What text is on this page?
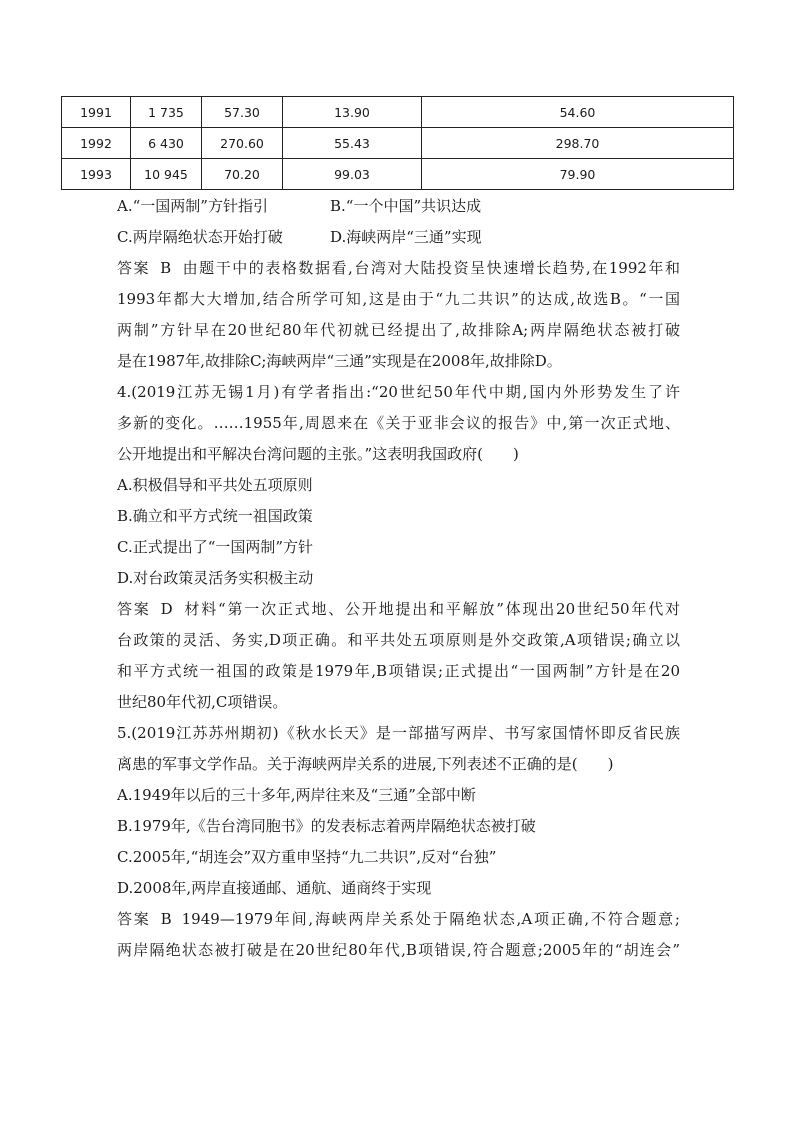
1991	1 735	57.30	13.90	54.60
1992	6 430	270.60	55.43	298.70
1993	10 945	70.20	99.03	79.90
A.“一国两制”方针指引	B.“一个中国”共识达成
C.两岸隔绝状态开始打破	D.海峡两岸“三通”实现
答案 B 由题干中的表格数据看,台湾对大陆投资呈快速增长趋势,在1992年和
1993年都大大增加,结合所学可知,这是由于“九二共识”的达成,故选B。“一国
两制”方针早在20世纪80年代初就已经提出了,故排除A;两岸隔绝状态被打破
是在1987年,故排除C;海峡两岸“三通”实现是在2008年,故排除D。
4.(2019江苏无锡1月)有学者指出:“20世纪50年代中期,国内外形势发生了许
多新的变化。……1955年,周恩来在《关于亚非会议的报告》中,第一次正式地、
公开地提出和平解决台湾问题的主张。”这表明我国政府(　　)
A.积极倡导和平共处五项原则
B.确立和平方式统一祖国政策
C.正式提出了“一国两制”方针
D.对台政策灵活务实积极主动
答案 D 材料“第一次正式地、公开地提出和平解放”体现出20世纪50年代对
台政策的灵活、务实,D项正确。和平共处五项原则是外交政策,A项错误;确立以
和平方式统一祖国的政策是1979年,B项错误;正式提出“一国两制”方针是在20
世纪80年代初,C项错误。
5.(2019江苏苏州期初)《秋水长天》是一部描写两岸、书写家国情怀即反省民族
离患的军事文学作品。关于海峡两岸关系的进展,下列表述不正确的是(　　)
A.1949年以后的三十多年,两岸往来及“三通”全部中断
B.1979年,《告台湾同胞书》的发表标志着两岸隔绝状态被打破
C.2005年,“胡连会”双方重申坚持“九二共识”,反对“台独”
D.2008年,两岸直接通邮、通航、通商终于实现
答案 B 1949—1979年间,海峡两岸关系处于隔绝状态,A项正确,不符合题意;
两岸隔绝状态被打破是在20世纪80年代,B项错误,符合题意;2005年的“胡连会”
